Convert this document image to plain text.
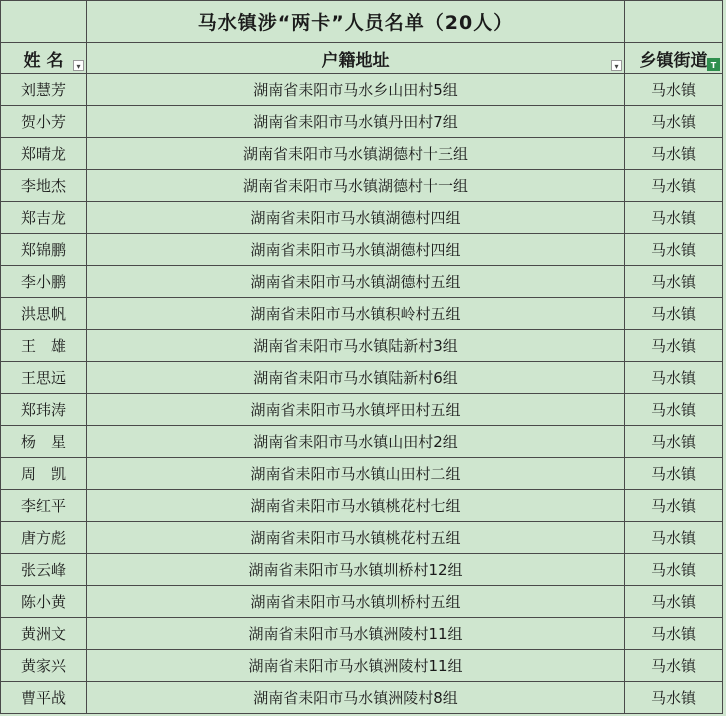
	马水镇涉“两卡”人员名单（20人）	
姓 名 ▾	户籍地址 ▾	乡镇街道 T

刘慧芳	湖南省耒阳市马水乡山田村5组	马水镇
贺小芳	湖南省耒阳市马水镇丹田村7组	马水镇
郑晴龙	湖南省耒阳市马水镇湖德村十三组	马水镇
李地杰	湖南省耒阳市马水镇湖德村十一组	马水镇
郑吉龙	湖南省耒阳市马水镇湖德村四组	马水镇
郑锦鹏	湖南省耒阳市马水镇湖德村四组	马水镇
李小鹏	湖南省耒阳市马水镇湖德村五组	马水镇
洪思帆	湖南省耒阳市马水镇积岭村五组	马水镇
王　雄	湖南省耒阳市马水镇陆新村3组	马水镇
王思远	湖南省耒阳市马水镇陆新村6组	马水镇
郑玮涛	湖南省耒阳市马水镇坪田村五组	马水镇
杨　星	湖南省耒阳市马水镇山田村2组	马水镇
周　凯	湖南省耒阳市马水镇山田村二组	马水镇
李红平	湖南省耒阳市马水镇桃花村七组	马水镇
唐方彪	湖南省耒阳市马水镇桃花村五组	马水镇
张云峰	湖南省耒阳市马水镇圳桥村12组	马水镇
陈小黄	湖南省耒阳市马水镇圳桥村五组	马水镇
黄洲文	湖南省耒阳市马水镇洲陵村11组	马水镇
黄家兴	湖南省耒阳市马水镇洲陵村11组	马水镇
曹平战	湖南省耒阳市马水镇洲陵村8组	马水镇
